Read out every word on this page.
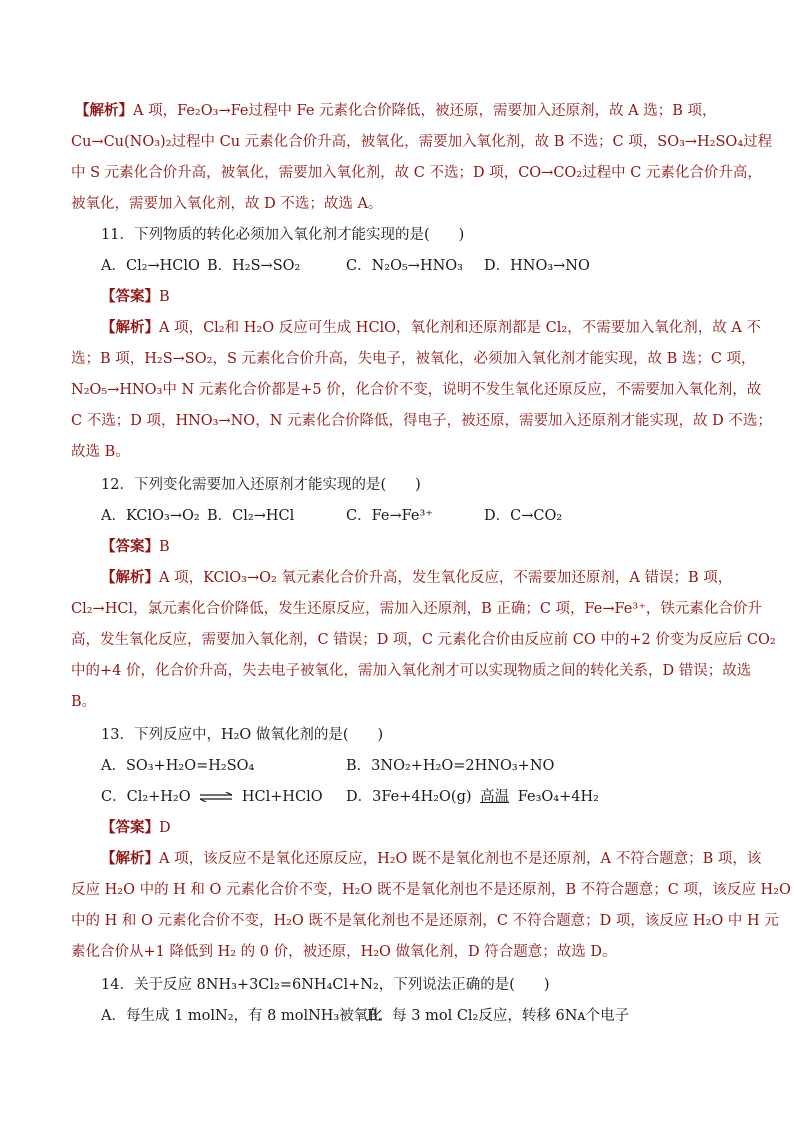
【解析】A 项，Fe₂O₃→Fe过程中 Fe 元素化合价降低，被还原，需要加入还原剂，故 A 选；B 项，
Cu→Cu(NO₃)₂过程中 Cu 元素化合价升高，被氧化，需要加入氧化剂，故 B 不选；C 项，SO₃→H₂SO₄过程
中 S 元素化合价升高，被氧化，需要加入氧化剂，故 C 不选；D 项，CO→CO₂过程中 C 元素化合价升高，
被氧化，需要加入氧化剂，故 D 不选；故选 A。
11．下列物质的转化必须加入氧化剂才能实现的是(　　)
A．Cl₂→HClO B．H₂S→SO₂	C．N₂O₅→HNO₃ D．HNO₃→NO
【答案】B
【解析】A 项，Cl₂和 H₂O 反应可生成 HClO，氧化剂和还原剂都是 Cl₂，不需要加入氧化剂，故 A 不
选；B 项，H₂S→SO₂，S 元素化合价升高，失电子，被氧化，必须加入氧化剂才能实现，故 B 选；C 项，
N₂O₅→HNO₃中 N 元素化合价都是+5 价，化合价不变，说明不发生氧化还原反应，不需要加入氧化剂，故
C 不选；D 项，HNO₃→NO，N 元素化合价降低，得电子，被还原，需要加入还原剂才能实现，故 D 不选；
故选 B。
12．下列变化需要加入还原剂才能实现的是(　　)
A．KClO₃→O₂ B．Cl₂→HCl	C．Fe→Fe³⁺	D．C→CO₂
【答案】B
【解析】A 项，KClO₃→O₂ 氧元素化合价升高，发生氧化反应，不需要加还原剂，A 错误；B 项，
Cl₂→HCl，氯元素化合价降低，发生还原反应，需加入还原剂，B 正确；C 项，Fe→Fe³⁺，铁元素化合价升
高，发生氧化反应，需要加入氧化剂，C 错误；D 项，C 元素化合价由反应前 CO 中的+2 价变为反应后 CO₂
中的+4 价，化合价升高，失去电子被氧化，需加入氧化剂才可以实现物质之间的转化关系，D 错误；故选
B。
13．下列反应中，H₂O 做氧化剂的是(　　)
A．SO₃+H₂O=H₂SO₄	B．3NO₂+H₂O=2HNO₃+NO
C．Cl₂+H₂O ⇌ HCl+HClO D．3Fe+4H₂O(g) 高温 Fe₃O₄+4H₂
【答案】D
【解析】A 项，该反应不是氧化还原反应，H₂O 既不是氧化剂也不是还原剂，A 不符合题意；B 项，该
反应 H₂O 中的 H 和 O 元素化合价不变，H₂O 既不是氧化剂也不是还原剂，B 不符合题意；C 项，该反应 H₂O
中的 H 和 O 元素化合价不变，H₂O 既不是氧化剂也不是还原剂，C 不符合题意；D 项，该反应 H₂O 中 H 元
素化合价从+1 降低到 H₂ 的 0 价，被还原，H₂O 做氧化剂，D 符合题意；故选 D。
14．关于反应 8NH₃+3Cl₂=6NH₄Cl+N₂，下列说法正确的是(　　)
A．每生成 1 molN₂，有 8 molNH₃被氧化
B．每 3 mol Cl₂反应，转移 6Nᴀ个电子
